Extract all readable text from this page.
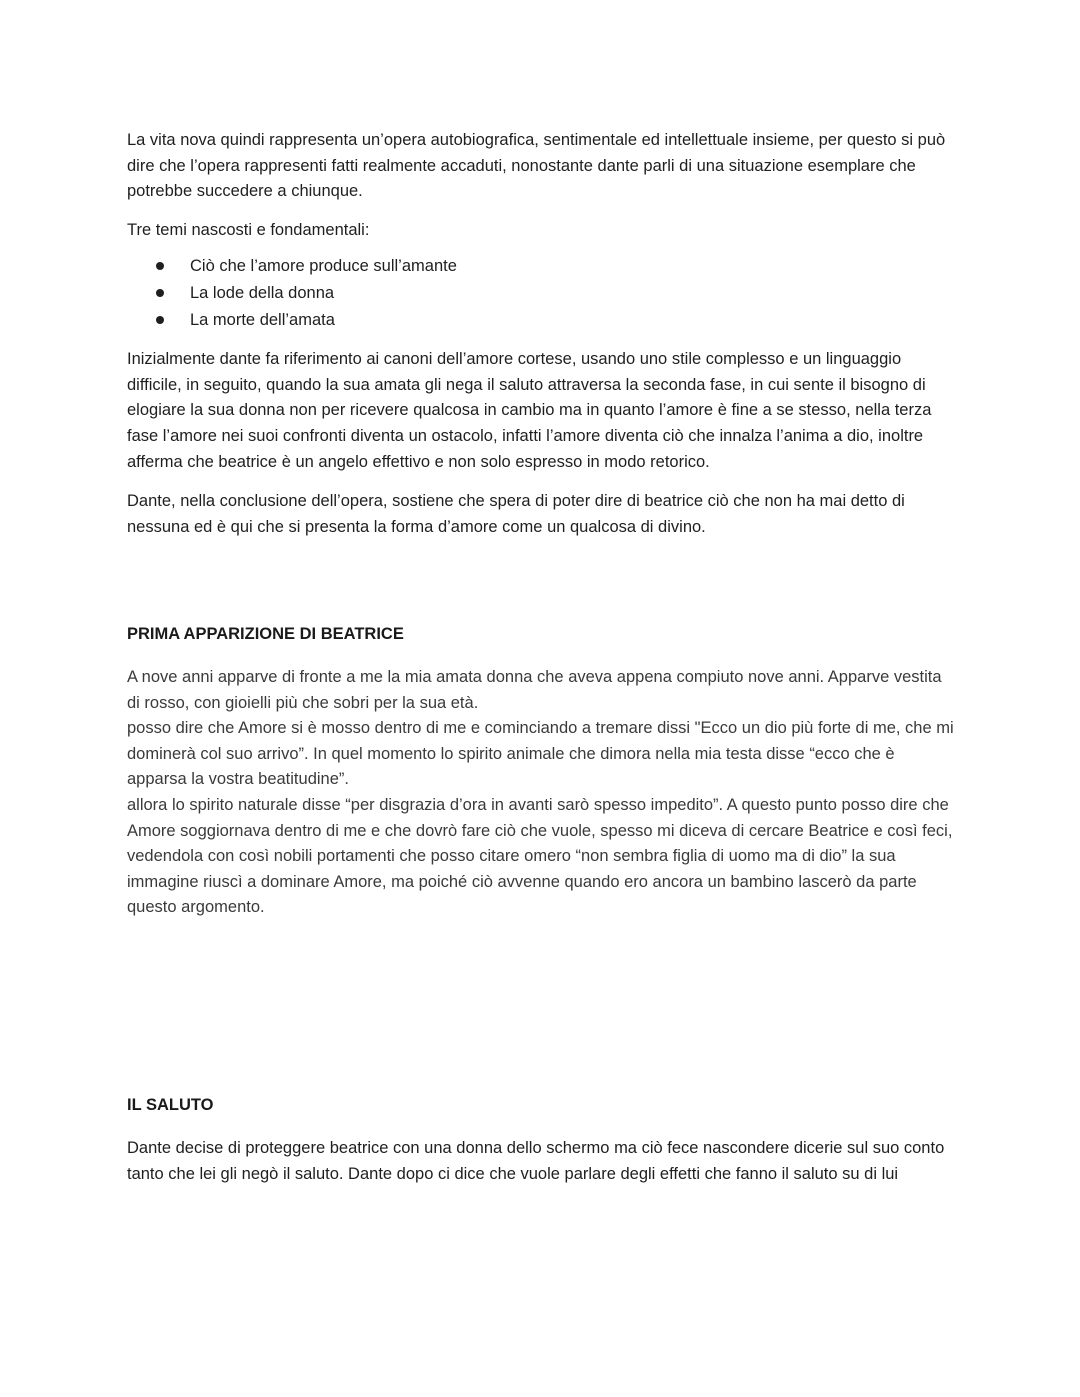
La vita nova quindi rappresenta un’opera autobiografica, sentimentale ed intellettuale insieme, per questo si può dire che l’opera rappresenti fatti realmente accaduti, nonostante dante parli di una situazione esemplare che potrebbe succedere a chiunque.

Tre temi nascosti e fondamentali:

Ciò che l’amore produce sull’amante
La lode della donna
La morte dell’amata

Inizialmente dante fa riferimento ai canoni dell’amore cortese, usando uno stile complesso e un linguaggio difficile, in seguito, quando la sua amata gli nega il saluto attraversa la seconda fase, in cui sente il bisogno di elogiare la sua donna non per ricevere qualcosa in cambio ma in quanto l’amore è fine a se stesso, nella terza fase l’amore nei suoi confronti diventa un ostacolo, infatti l’amore diventa ciò che innalza l’anima a dio, inoltre afferma che beatrice è un angelo effettivo e non solo espresso in modo retorico.

Dante, nella conclusione dell’opera, sostiene che spera di poter dire di beatrice ciò che non ha mai detto di nessuna ed è qui che si presenta la forma d’amore come un qualcosa di divino.

PRIMA APPARIZIONE DI BEATRICE

A nove anni apparve di fronte a me la mia amata donna che aveva appena compiuto nove anni. Apparve vestita di rosso, con gioielli più che sobri per la sua età.

posso dire che Amore si è mosso dentro di me e cominciando a tremare dissi "Ecco un dio più forte di me, che mi dominerà col suo arrivo”. In quel momento lo spirito animale che dimora nella mia testa disse “ecco che è apparsa la vostra beatitudine”.

allora lo spirito naturale disse “per disgrazia d’ora in avanti sarò spesso impedito”. A questo punto posso dire che Amore soggiornava dentro di me e che dovrò fare ciò che vuole, spesso mi diceva di cercare Beatrice e così feci, vedendola con così nobili portamenti che posso citare omero “non sembra figlia di uomo ma di dio” la sua immagine riuscì a dominare Amore, ma poiché ciò avvenne quando ero ancora un bambino lascerò da parte questo argomento.

IL SALUTO

Dante decise di proteggere beatrice con una donna dello schermo ma ciò fece nascondere dicerie sul suo conto tanto che lei gli negò il saluto. Dante dopo ci dice che vuole parlare degli effetti che fanno il saluto su di lui
